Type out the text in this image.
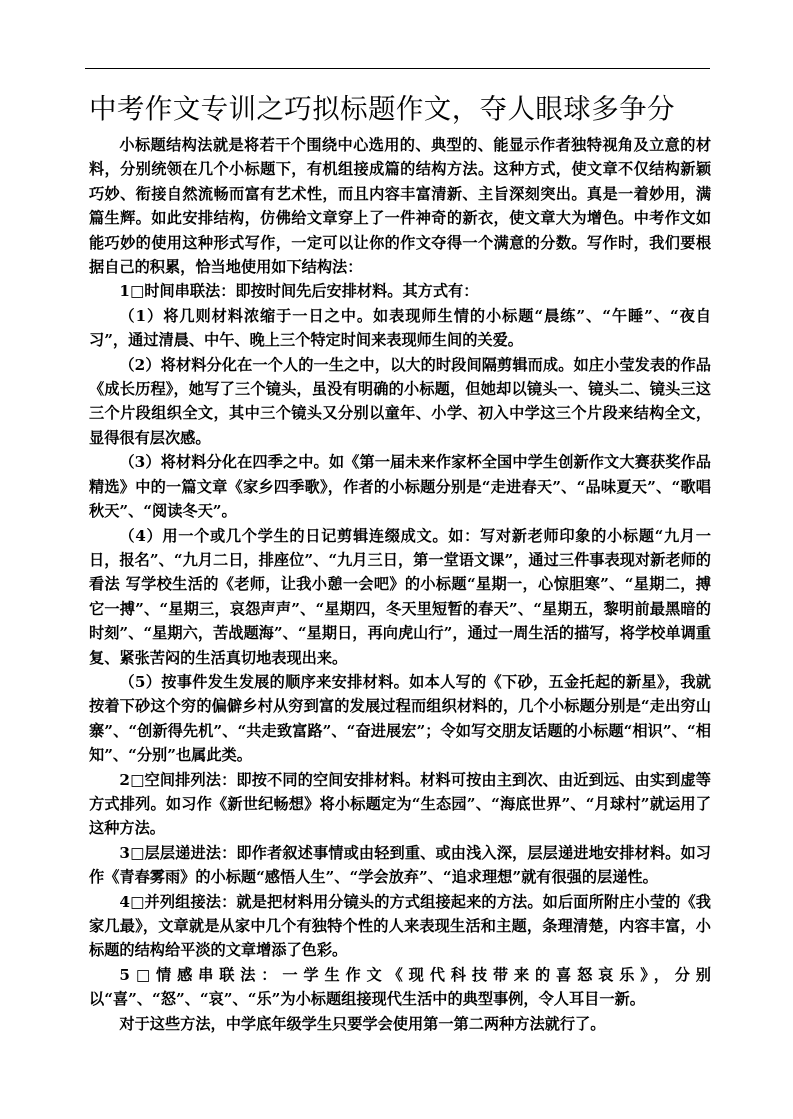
中考作文专训之巧拟标题作文，夺人眼球多争分

小标题结构法就是将若干个围绕中心选用的、典型的、能显示作者独特视角及立意的材料，分别统领在几个小标题下，有机组接成篇的结构方法。这种方式，使文章不仅结构新颖巧妙、衔接自然流畅而富有艺术性，而且内容丰富清新、主旨深刻突出。真是一着妙用，满篇生辉。如此安排结构，仿佛给文章穿上了一件神奇的新衣，使文章大为增色。中考作文如能巧妙的使用这种形式写作，一定可以让你的作文夺得一个满意的分数。写作时，我们要根据自己的积累，恰当地使用如下结构法：

1□时间串联法：即按时间先后安排材料。其方式有：

（1）将几则材料浓缩于一日之中。如表现师生情的小标题“晨练”、“午睡”、“夜自习”，通过清晨、中午、晚上三个特定时间来表现师生间的关爱。

（2）将材料分化在一个人的一生之中，以大的时段间隔剪辑而成。如庄小莹发表的作品《成长历程》，她写了三个镜头，虽没有明确的小标题，但她却以镜头一、镜头二、镜头三这三个片段组织全文，其中三个镜头又分别以童年、小学、初入中学这三个片段来结构全文，显得很有层次感。

（3）将材料分化在四季之中。如《第一届未来作家杯全国中学生创新作文大赛获奖作品精选》中的一篇文章《家乡四季歌》，作者的小标题分别是“走进春天”、“品味夏天”、“歌唱秋天”、“阅读冬天”。

（4）用一个或几个学生的日记剪辑连缀成文。如：写对新老师印象的小标题“九月一日，报名”、“九月二日，排座位”、“九月三日，第一堂语文课”，通过三件事表现对新老师的看法 写学校生活的《老师，让我小憩一会吧》的小标题“星期一，心惊胆寒”、“星期二，搏它一搏”、“星期三，哀怨声声”、“星期四，冬天里短暂的春天”、“星期五，黎明前最黑暗的时刻”、“星期六，苦战题海”、“星期日，再向虎山行”，通过一周生活的描写，将学校单调重复、紧张苦闷的生活真切地表现出来。

（5）按事件发生发展的顺序来安排材料。如本人写的《下砂，五金托起的新星》，我就按着下砂这个穷的偏僻乡村从穷到富的发展过程而组织材料的，几个小标题分别是“走出穷山寨”、“创新得先机”、“共走致富路”、“奋进展宏”；令如写交朋友话题的小标题“相识”、“相知”、“分别”也属此类。

2□空间排列法：即按不同的空间安排材料。材料可按由主到次、由近到远、由实到虚等方式排列。如习作《新世纪畅想》将小标题定为“生态园”、“海底世界”、“月球村”就运用了这种方法。

3□层层递进法：即作者叙述事情或由轻到重、或由浅入深，层层递进地安排材料。如习作《青春雾雨》的小标题“感悟人生”、“学会放弃”、“追求理想”就有很强的层递性。

4□并列组接法：就是把材料用分镜头的方式组接起来的方法。如后面所附庄小莹的《我家几最》，文章就是从家中几个有独特个性的人来表现生活和主题，条理清楚，内容丰富，小标题的结构给平淡的文章增添了色彩。

5□情感串联法：一学生作文《现代科技带来的喜怒哀乐》，分别以“喜”、“怒”、“哀”、“乐”为小标题组接现代生活中的典型事例，令人耳目一新。

对于这些方法，中学底年级学生只要学会使用第一第二两种方法就行了。
